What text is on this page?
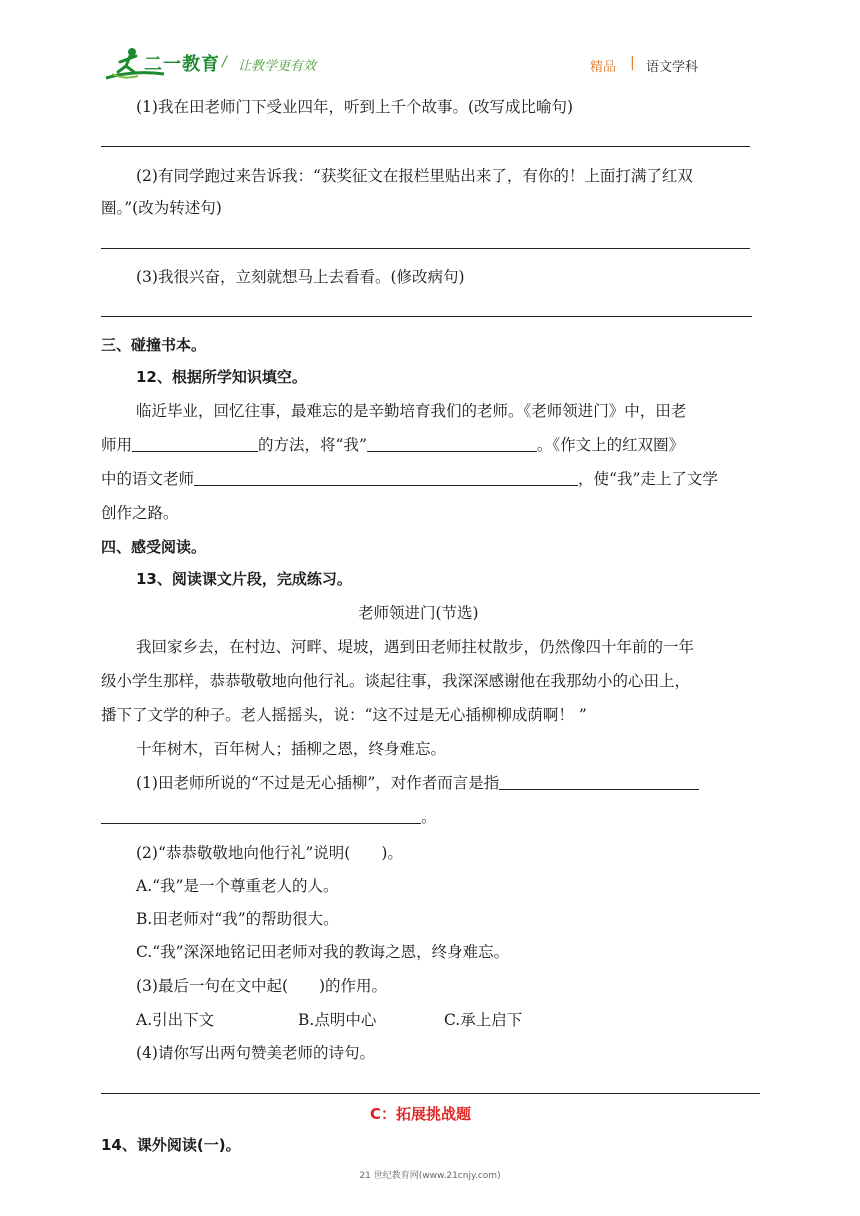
二一教育 / 让教学更有效	精品 | 语文学科
(1)我在田老师门下受业四年，听到上千个故事。(改写成比喻句)
(2)有同学跑过来告诉我：“获奖征文在报栏里贴出来了，有你的！上面打满了红双
圈。”(改为转述句)
(3)我很兴奋，立刻就想马上去看看。(修改病句)
三、碰撞书本。
12、根据所学知识填空。
临近毕业，回忆往事，最难忘的是辛勤培育我们的老师。《老师领进门》中，田老
师用	的方法，将“我”	。《作文上的红双圈》
中的语文老师	，使“我”走上了文学
创作之路。
四、感受阅读。
13、阅读课文片段，完成练习。
老师领进门(节选)
我回家乡去，在村边、河畔、堤坡，遇到田老师拄杖散步，仍然像四十年前的一年
级小学生那样，恭恭敬敬地向他行礼。谈起往事，我深深感谢他在我那幼小的心田上，
播下了文学的种子。老人摇摇头，说：“这不过是无心插柳柳成荫啊！ ”
十年树木，百年树人；插柳之恩，终身难忘。
(1)田老师所说的“不过是无心插柳”，对作者而言是指
。
(2)“恭恭敬敬地向他行礼”说明(　　)。
A.“我”是一个尊重老人的人。
B.田老师对“我”的帮助很大。
C.“我”深深地铭记田老师对我的教诲之恩，终身难忘。
(3)最后一句在文中起(　　)的作用。
A.引出下文	B.点明中心	C.承上启下
(4)请你写出两句赞美老师的诗句。
C：拓展挑战题
14、课外阅读(一)。
21 世纪教育网(www.21cnjy.com)
